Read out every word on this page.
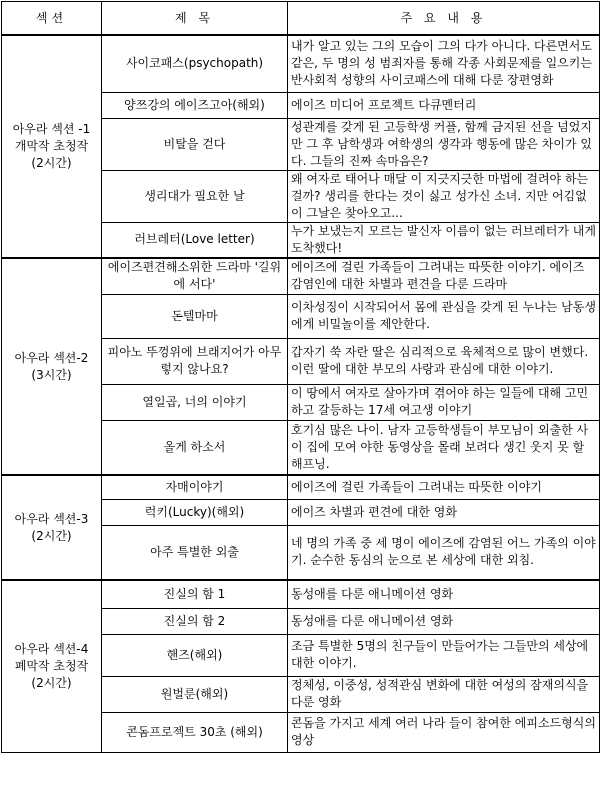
섹션	제 목	주 요 내 용

아우라 섹션 -1
개막작 초청작
(2시간)	사이코패스(psychopath)	내가 알고 있는 그의 모습이 그의 다가 아니다. 다른면서도 같은, 두 명의 성 범죄자를 통해 각종 사회문제를 일으키는 반사회적 성향의 사이코패스에 대해 다룬 장편영화
	양쯔강의 에이즈고아(해외)	에이즈 미디어 프로젝트 다큐멘터리
	비탈을 걷다	성관계를 갖게 된 고등학생 커플, 함께 금지된 선을 넘었지만 그 후 남학생과 여학생의 생각과 행동에 많은 차이가 있다. 그들의 진짜 속마음은?
	생리대가 필요한 날	왜 여자로 태어나 매달 이 지긋지긋한 마법에 걸려야 하는 걸까? 생리를 한다는 것이 싫고 성가신 소녀. 지만 어김없이 그날은 찾아오고...
	러브레터(Love letter)	누가 보냈는지 모르는 발신자 이름이 없는 러브레터가 내게 도착했다!

아우라 섹션-2
(3시간)	에이즈편견해소위한 드라마 '길위에 서다'	에이즈에 걸린 가족들이 그려내는 따뜻한 이야기. 에이즈 감염인에 대한 차별과 편견을 다룬 드라마
	돈텔마마	이차성징이 시작되어서 몸에 관심을 갖게 된 누나는 남동생에게 비밀놀이를 제안한다.
	피아노 뚜껑위에 브래지어가 아무렇지 않나요?	갑자기 쑥 자란 딸은 심리적으로 육체적으로 많이 변했다. 이런 딸에 대한 부모의 사랑과 관심에 대한 이야기.
	열일곱, 너의 이야기	이 땅에서 여자로 살아가며 겪어야 하는 일들에 대해 고민하고 갈등하는 17세 여고생 이야기
	올게 하소서	호기심 많은 나이. 남자 고등학생들이 부모님이 외출한 사이 집에 모여 야한 동영상을 몰래 보려다 생긴 웃지 못 할 해프닝.

아우라 섹션-3
(2시간)	자매이야기	에이즈에 걸린 가족들이 그려내는 따뜻한 이야기
	럭키(Lucky)(해외)	에이즈 차별과 편견에 대한 영화
	아주 특별한 외출	네 명의 가족 중 세 명이 에이즈에 감염된 어느 가족의 이야기. 순수한 동심의 눈으로 본 세상에 대한 외침.

아우라 섹션-4
폐막작 초청작
(2시간)	진실의 함 1	동성애를 다룬 애니메이션 영화
	진실의 함 2	동성애를 다룬 애니메이션 영화
	핸즈(해외)	조금 특별한 5명의 친구들이 만들어가는 그들만의 세상에 대한 이야기.
	원벌룬(해외)	정체성, 이중성, 성적관심 변화에 대한 여성의 잠재의식을 다룬 영화
	콘돔프로젝트 30초 (해외)	콘돔을 가지고 세계 여러 나라 들이 참여한 에피소드형식의 영상
